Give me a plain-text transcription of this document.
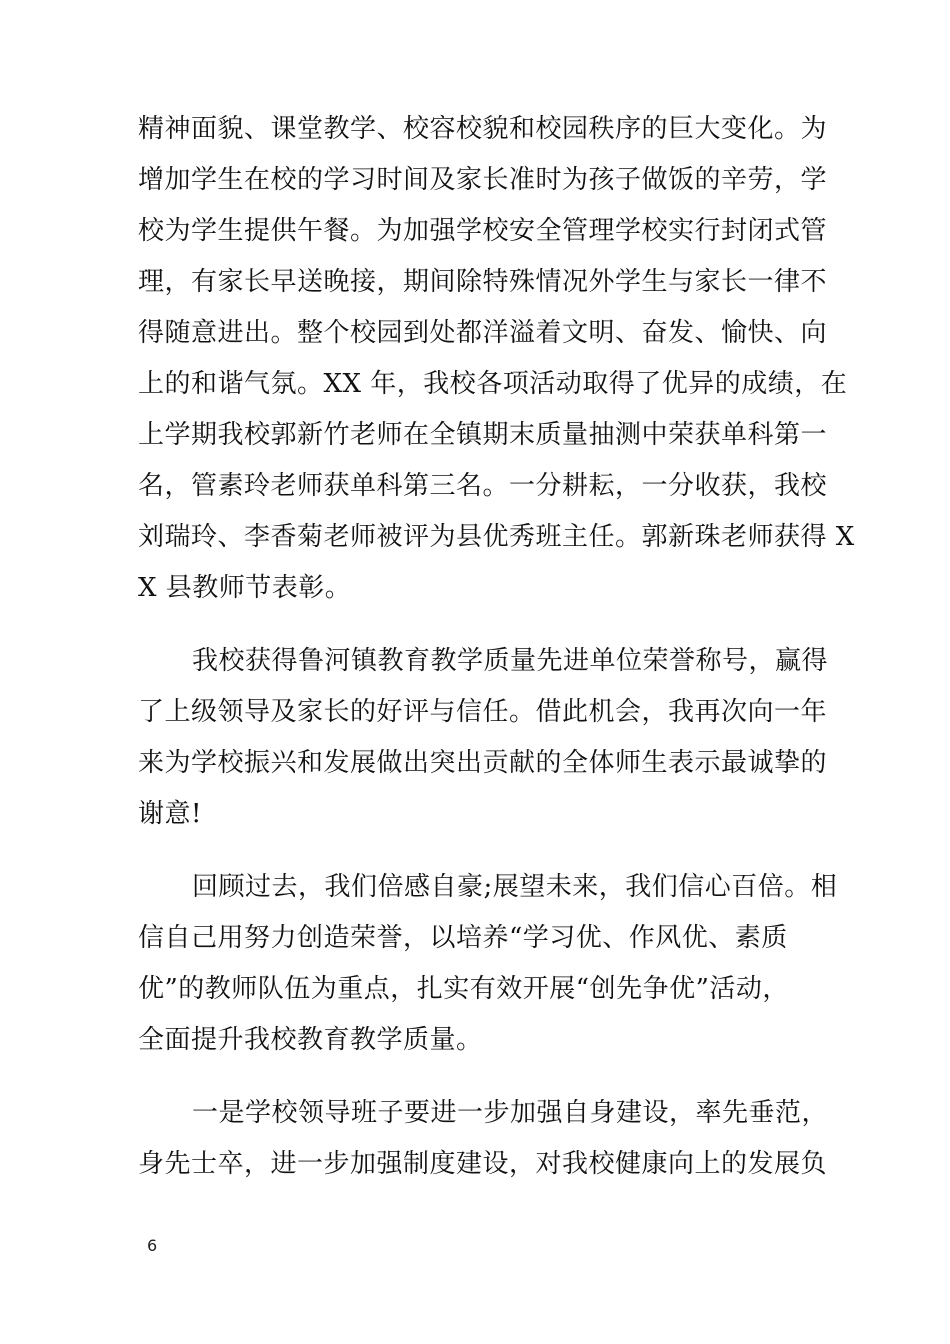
精神面貌、课堂教学、校容校貌和校园秩序的巨大变化。为
增加学生在校的学习时间及家长准时为孩子做饭的辛劳，学
校为学生提供午餐。为加强学校安全管理学校实行封闭式管
理，有家长早送晚接，期间除特殊情况外学生与家长一律不
得随意进出。整个校园到处都洋溢着文明、奋发、愉快、向
上的和谐气氛。XX 年，我校各项活动取得了优异的成绩，在
上学期我校郭新竹老师在全镇期末质量抽测中荣获单科第一
名，管素玲老师获单科第三名。一分耕耘，一分收获，我校
刘瑞玲、李香菊老师被评为县优秀班主任。郭新珠老师获得 X
X 县教师节表彰。
我校获得鲁河镇教育教学质量先进单位荣誉称号，赢得
了上级领导及家长的好评与信任。借此机会，我再次向一年
来为学校振兴和发展做出突出贡献的全体师生表示最诚挚的
谢意!
回顾过去，我们倍感自豪;展望未来，我们信心百倍。相
信自己用努力创造荣誉，以培养“学习优、作风优、素质
优”的教师队伍为重点，扎实有效开展“创先争优”活动，
全面提升我校教育教学质量。
一是学校领导班子要进一步加强自身建设，率先垂范，
身先士卒，进一步加强制度建设，对我校健康向上的发展负
6
